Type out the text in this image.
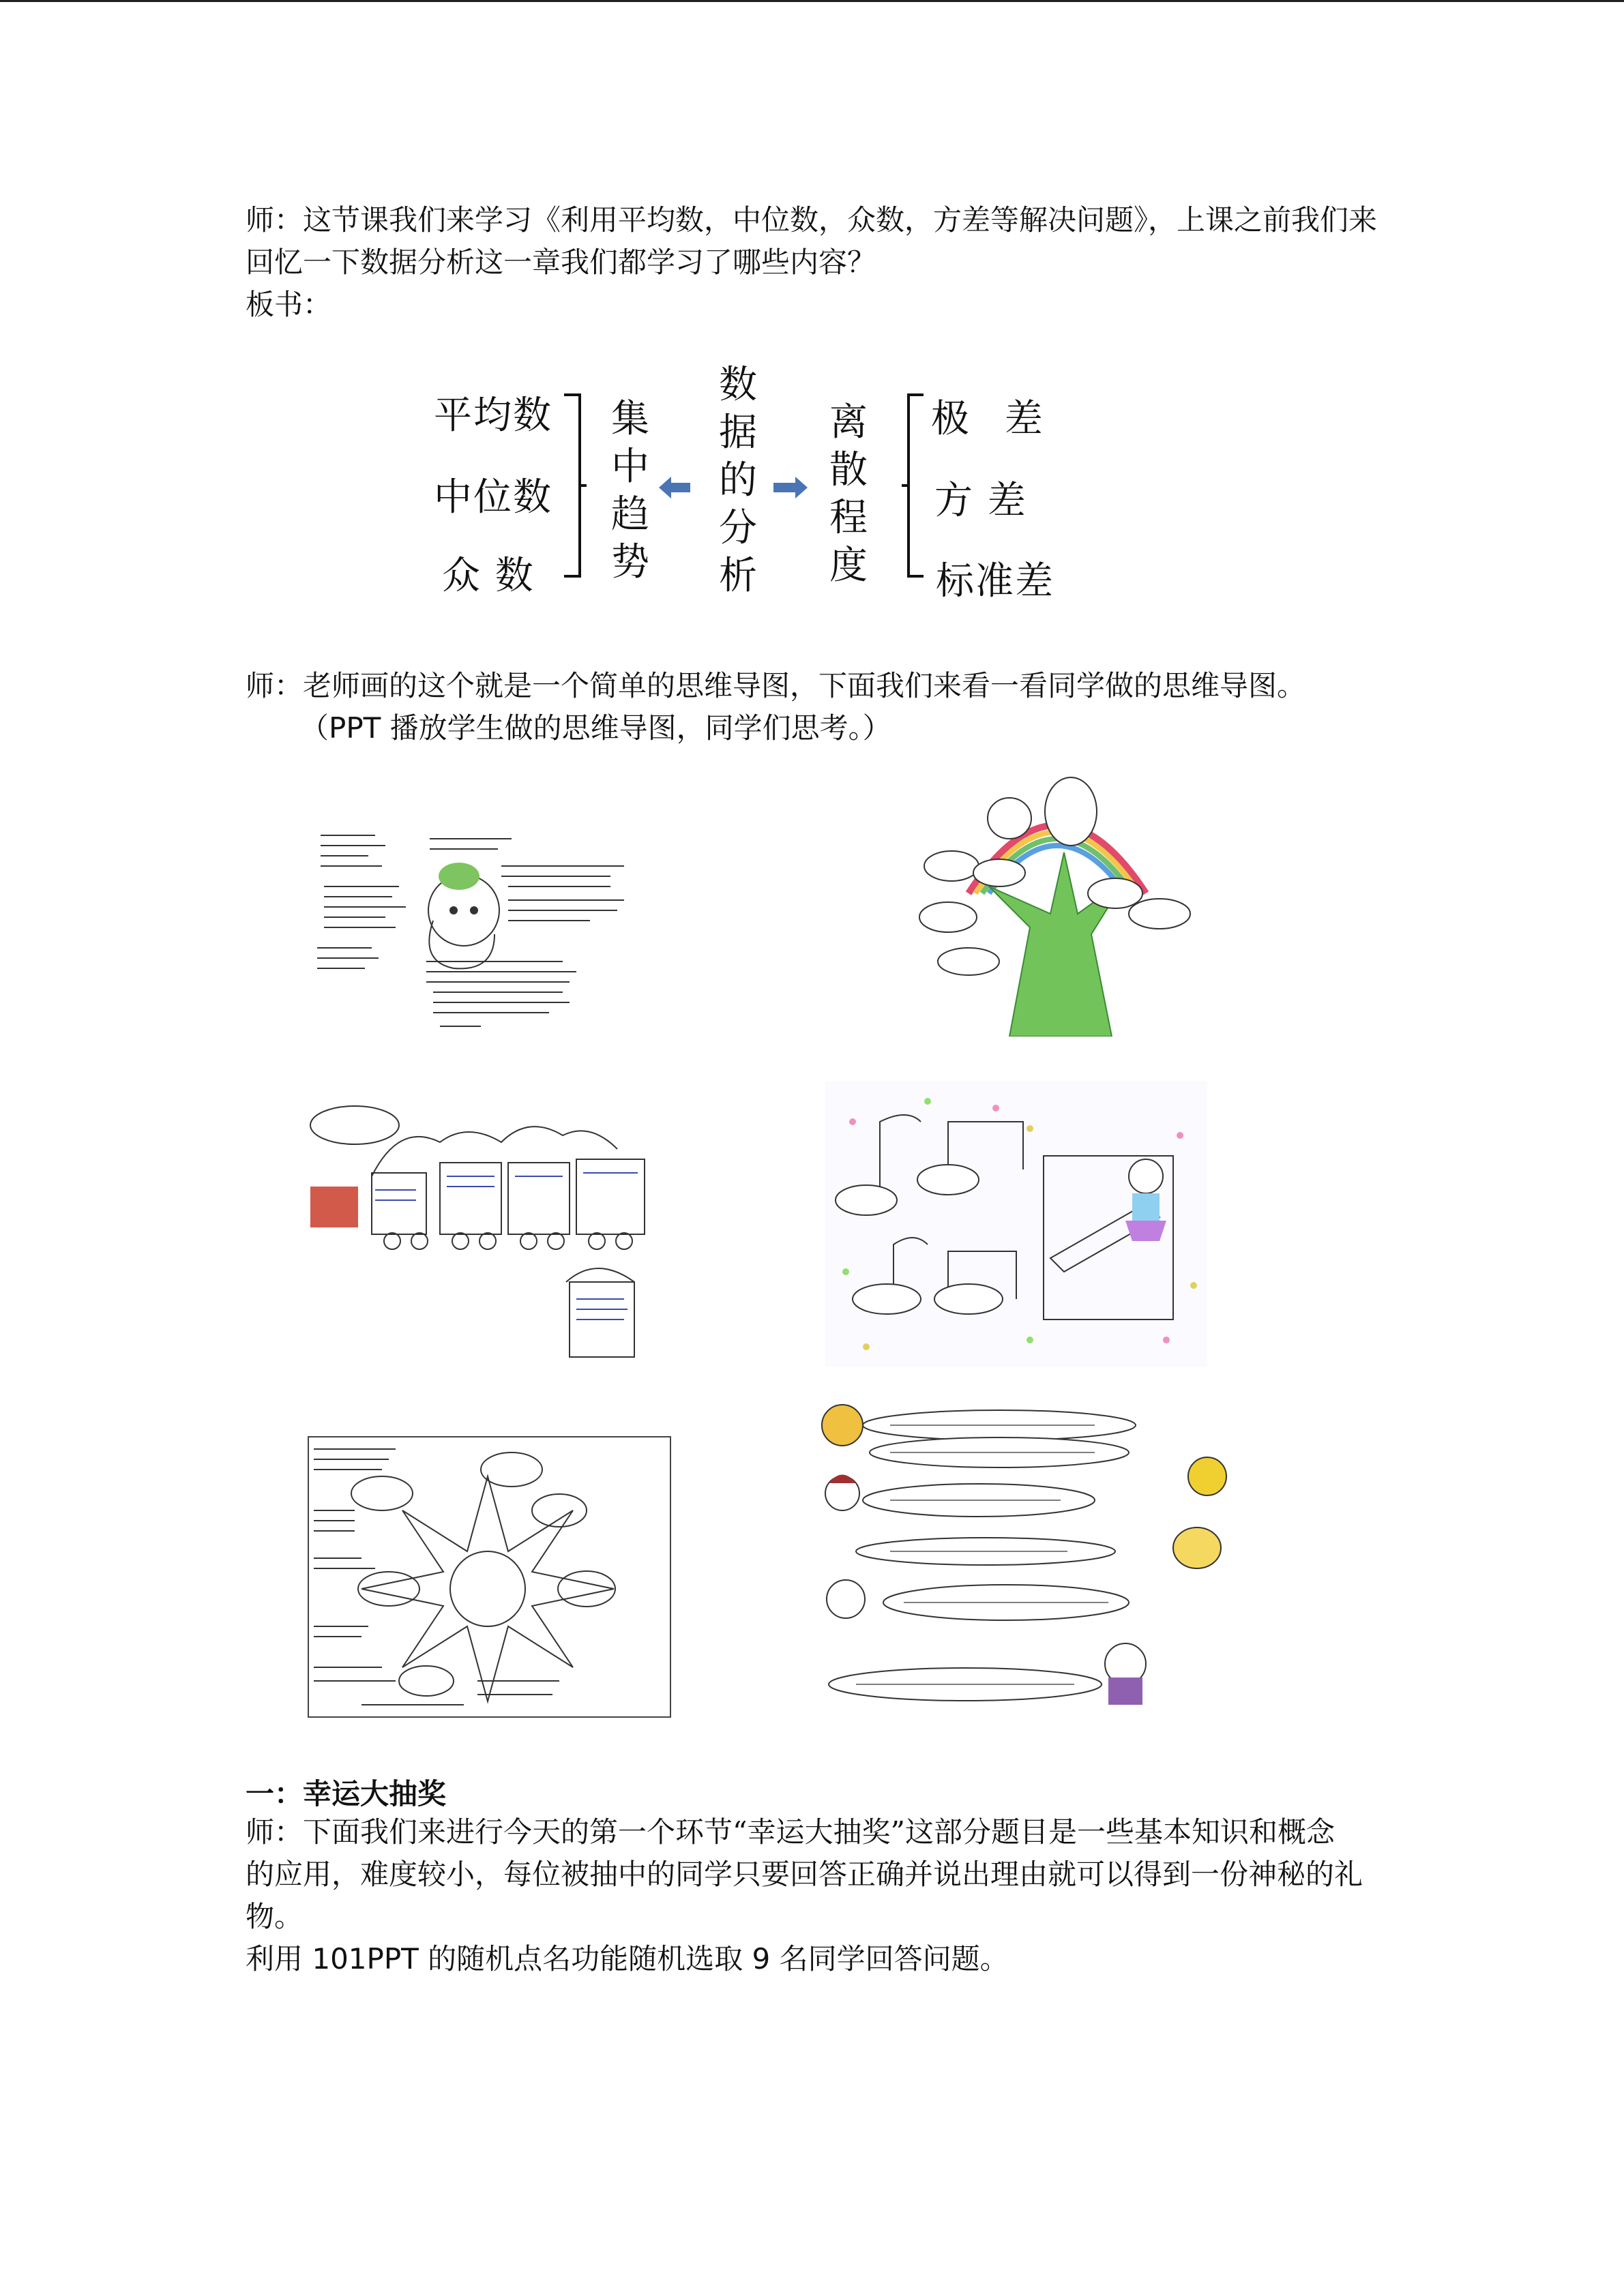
师：这节课我们来学习《利用平均数，中位数，众数，方差等解决问题》，上课之前我们来

回忆一下数据分析这一章我们都学习了哪些内容？

板书：

平均数
中位数
众 数
集中趋势
数据的分析
离散程度
极 差
方 差
标准差

师：老师画的这个就是一个简单的思维导图，下面我们来看一看同学做的思维导图。

（PPT 播放学生做的思维导图，同学们思考。）

一：幸运大抽奖

师：下面我们来进行今天的第一个环节“幸运大抽奖”这部分题目是一些基本知识和概念

的应用，难度较小，每位被抽中的同学只要回答正确并说出理由就可以得到一份神秘的礼

物。

利用 101PPT 的随机点名功能随机选取 9 名同学回答问题。
